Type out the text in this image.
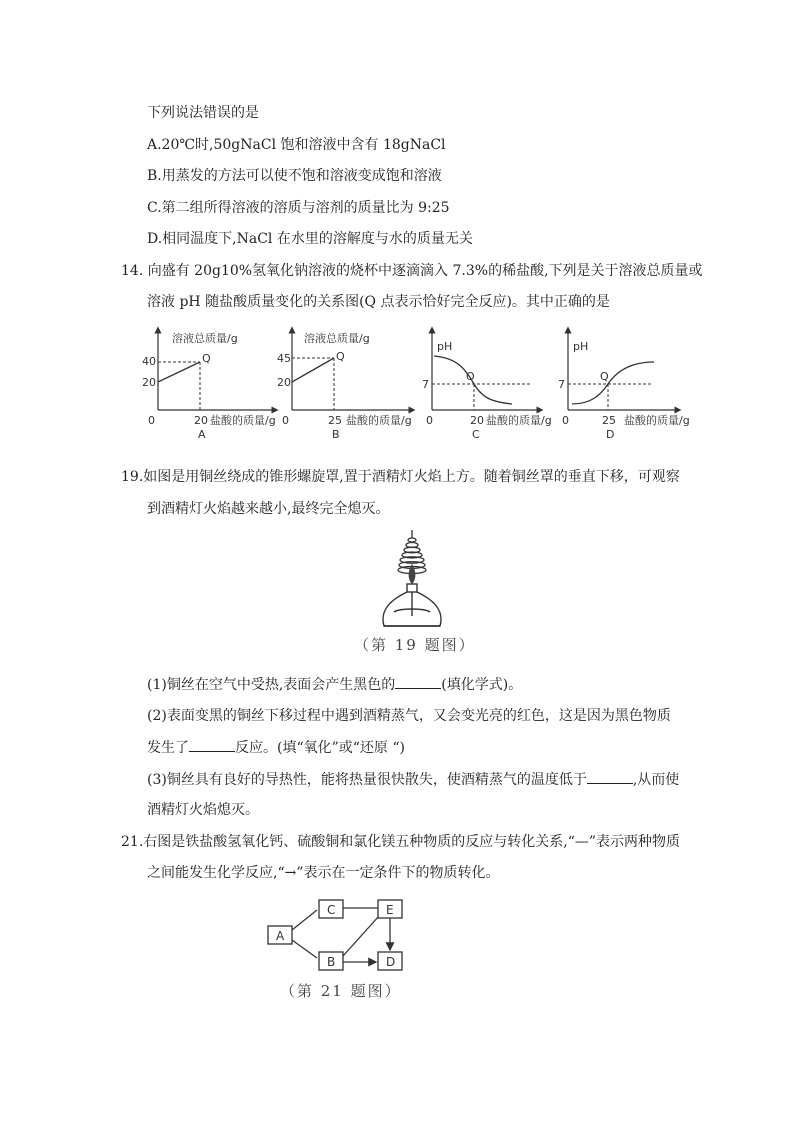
下列说法错误的是
A.20℃时,50gNaCl 饱和溶液中含有 18gNaCl
B.用蒸发的方法可以使不饱和溶液变成饱和溶液
C.第二组所得溶液的溶质与溶剂的质量比为 9:25
D.相同温度下,NaCl 在水里的溶解度与水的质量无关
14. 向盛有 20g10%氢氧化钠溶液的烧杯中逐滴滴入 7.3%的稀盐酸,下列是关于溶液总质量或
溶液 pH 随盐酸质量变化的关系图(Q 点表示恰好完全反应)。其中正确的是
溶液总质量/g
40
20
0	20 盐酸的质量/g
Q
A
溶液总质量/g
45
20
0	25 盐酸的质量/g
Q
B
pH
7
0	20 盐酸的质量/g
Q
C
pH
7
0	25 盐酸的质量/g
Q
D
19.如图是用铜丝绕成的锥形螺旋罩,置于酒精灯火焰上方。随着铜丝罩的垂直下移，可观察
到酒精灯火焰越来越小,最终完全熄灭。
（第 19 题图）
(1)铜丝在空气中受热,表面会产生黑色的	(填化学式)。
(2)表面变黑的铜丝下移过程中遇到酒精蒸气，又会变光亮的红色，这是因为黑色物质
发生了	反应。(填“氧化”或“还原 “)
(3)铜丝具有良好的导热性，能将热量很快散失，使酒精蒸气的温度低于	,从而使
酒精灯火焰熄灭。
21.右图是铁盐酸氢氧化钙、硫酸铜和氯化镁五种物质的反应与转化关系,“—”表示两种物质
之间能发生化学反应,“→”表示在一定条件下的物质转化。
A
B
C
D
E
（第 21 题图）
